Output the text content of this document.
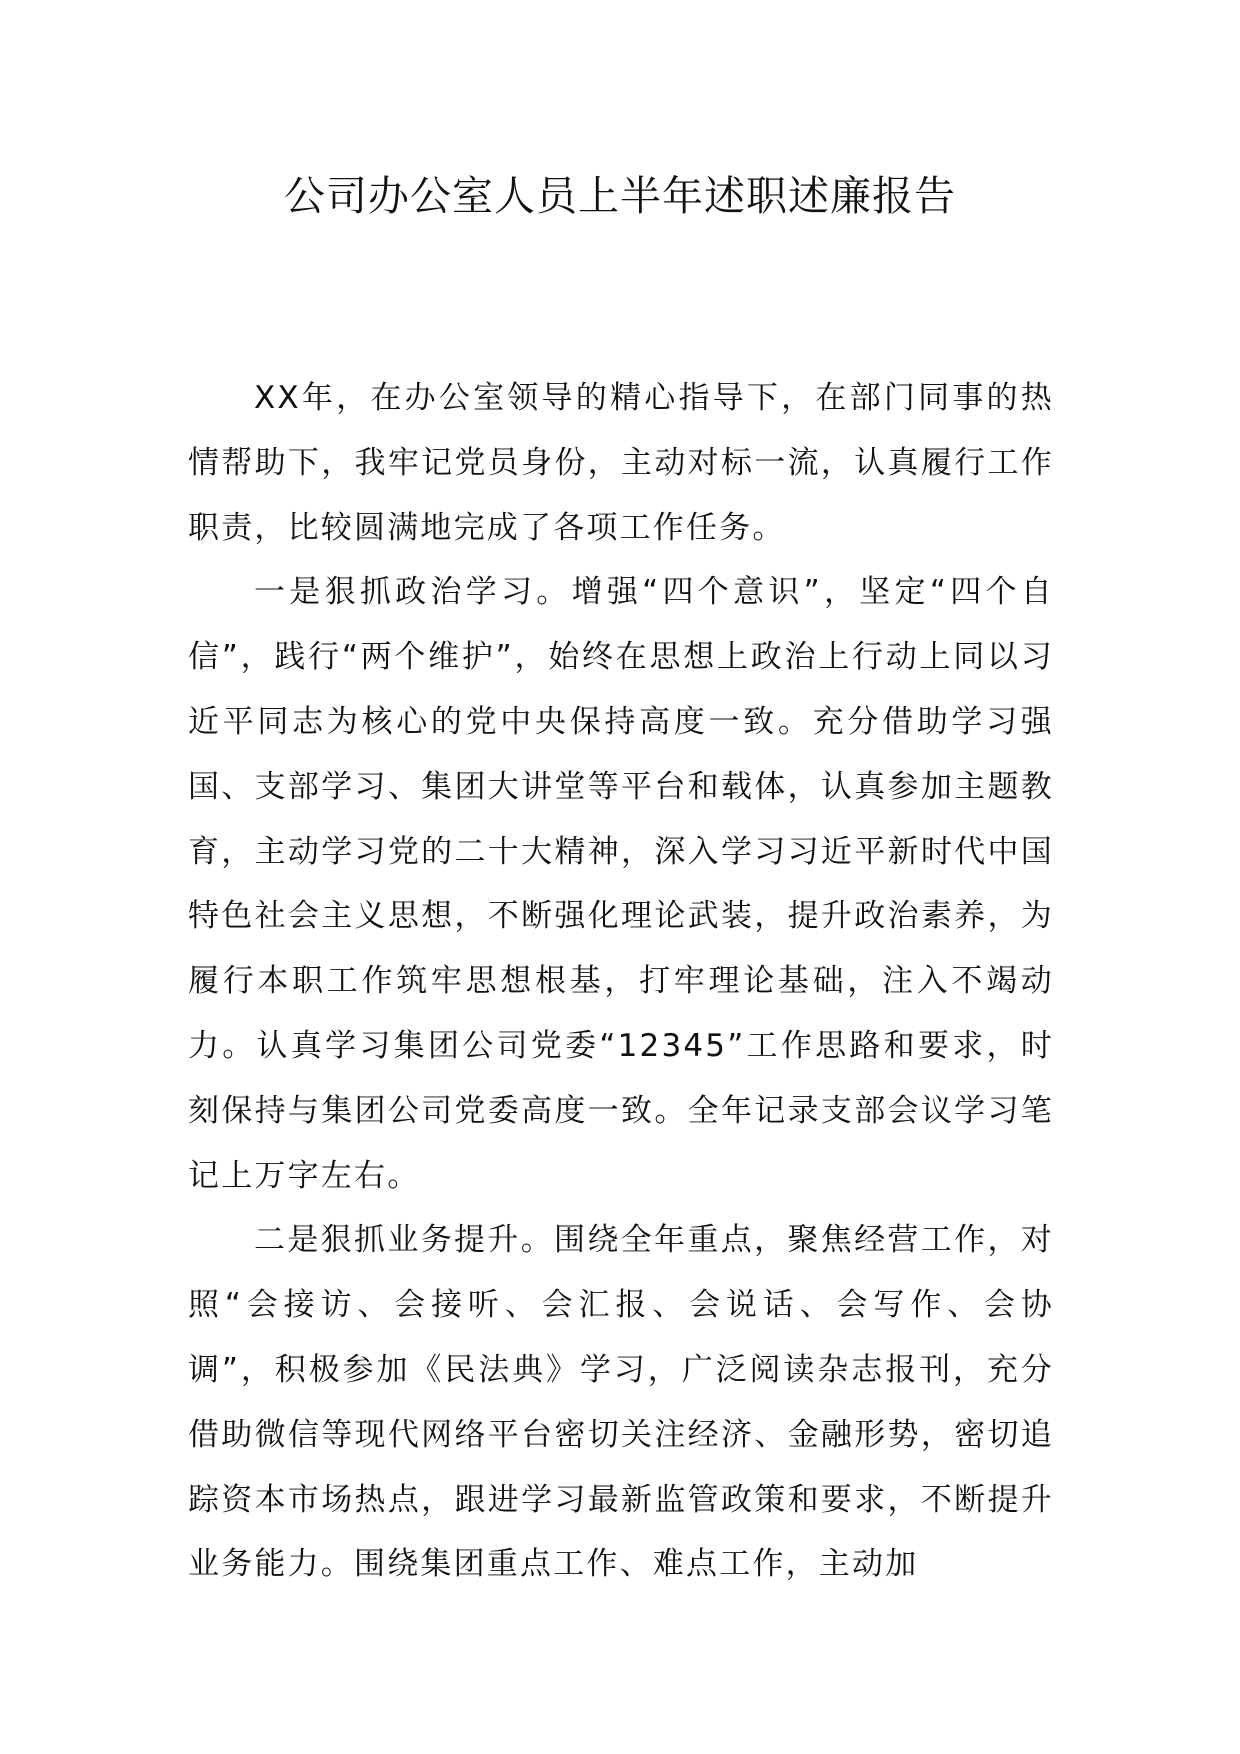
公司办公室人员上半年述职述廉报告

XX年，在办公室领导的精心指导下，在部门同事的热情帮助下，我牢记党员身份，主动对标一流，认真履行工作职责，比较圆满地完成了各项工作任务。

一是狠抓政治学习。增强“四个意识”，坚定“四个自信”，践行“两个维护”，始终在思想上政治上行动上同以习近平同志为核心的党中央保持高度一致。充分借助学习强国、支部学习、集团大讲堂等平台和载体，认真参加主题教育，主动学习党的二十大精神，深入学习习近平新时代中国特色社会主义思想，不断强化理论武装，提升政治素养，为履行本职工作筑牢思想根基，打牢理论基础，注入不竭动力。认真学习集团公司党委“12345”工作思路和要求，时刻保持与集团公司党委高度一致。全年记录支部会议学习笔记上万字左右。

二是狠抓业务提升。围绕全年重点，聚焦经营工作，对照“会接访、会接听、会汇报、会说话、会写作、会协调”，积极参加《民法典》学习，广泛阅读杂志报刊，充分借助微信等现代网络平台密切关注经济、金融形势，密切追踪资本市场热点，跟进学习最新监管政策和要求，不断提升业务能力。围绕集团重点工作、难点工作，主动加
